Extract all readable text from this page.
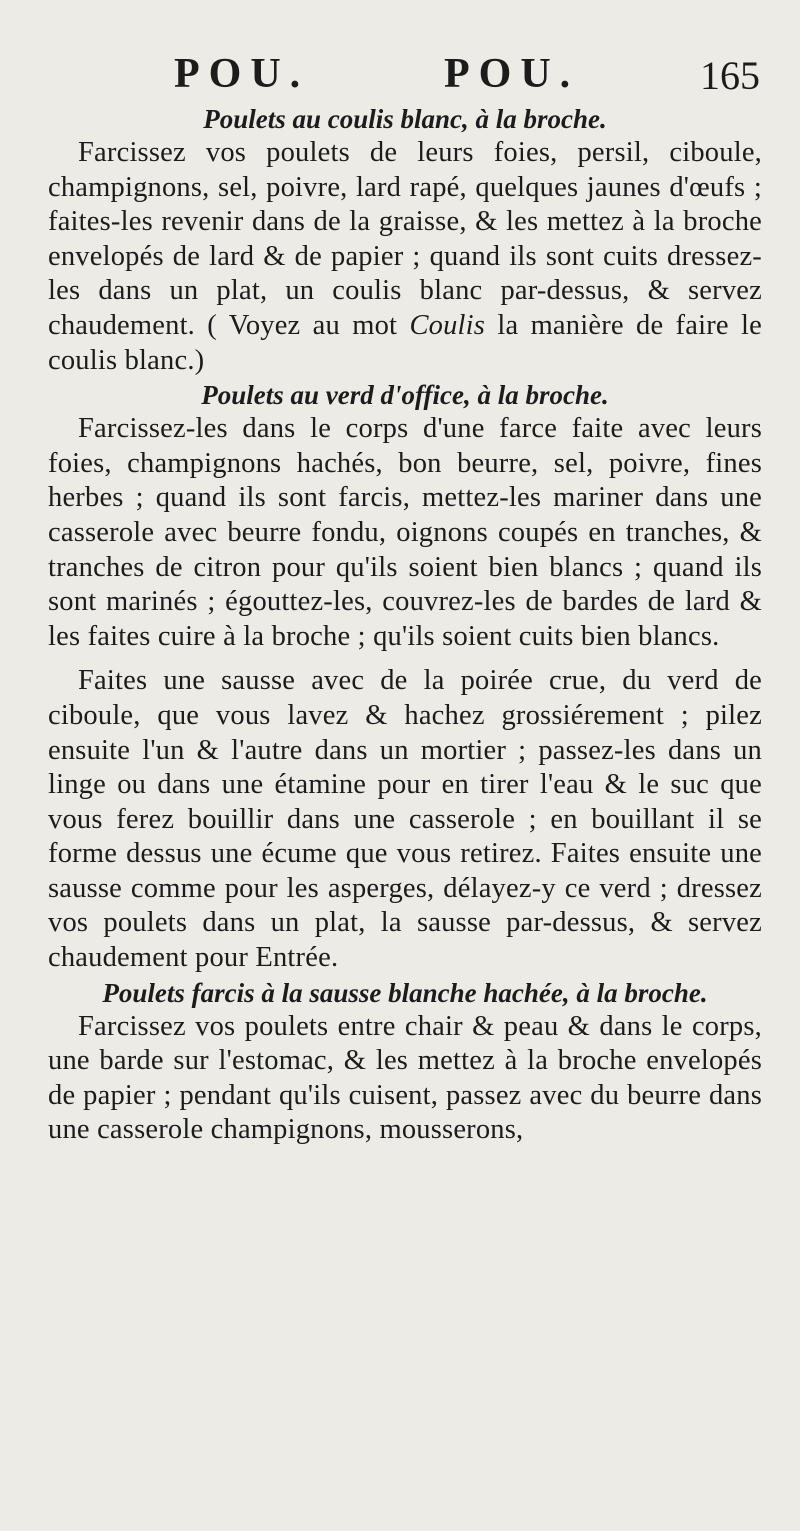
POU.	POU.	165
Poulets au coulis blanc, à la broche.

Farcissez vos poulets de leurs foies, persil, ciboule, champignons, sel, poivre, lard rapé, quelques jaunes d'œufs ; faites-les revenir dans de la graisse, & les mettez à la broche envelopés de lard & de papier ; quand ils sont cuits dressez-les dans un plat, un coulis blanc par-dessus, & servez chaudement. ( Voyez au mot Coulis la manière de faire le coulis blanc.)

Poulets au verd d'office, à la broche.

Farcissez-les dans le corps d'une farce faite avec leurs foies, champignons hachés, bon beurre, sel, poivre, fines herbes ; quand ils sont farcis, mettez-les mariner dans une casserole avec beurre fondu, oignons coupés en tranches, & tranches de citron pour qu'ils soient bien blancs ; quand ils sont marinés ; égouttez-les, couvrez-les de bardes de lard & les faites cuire à la broche ; qu'ils soient cuits bien blancs.

Faites une sausse avec de la poirée crue, du verd de ciboule, que vous lavez & hachez grossiérement ; pilez ensuite l'un & l'autre dans un mortier ; passez-les dans un linge ou dans une étamine pour en tirer l'eau & le suc que vous ferez bouillir dans une casserole ; en bouillant il se forme dessus une écume que vous retirez. Faites ensuite une sausse comme pour les asperges, délayez-y ce verd ; dressez vos poulets dans un plat, la sausse par-dessus, & servez chaudement pour Entrée.

Poulets farcis à la sausse blanche hachée, à la broche.

Farcissez vos poulets entre chair & peau & dans le corps, une barde sur l'estomac, & les mettez à la broche envelopés de papier ; pendant qu'ils cuisent, passez avec du beurre dans une casserole champignons, mousserons,
